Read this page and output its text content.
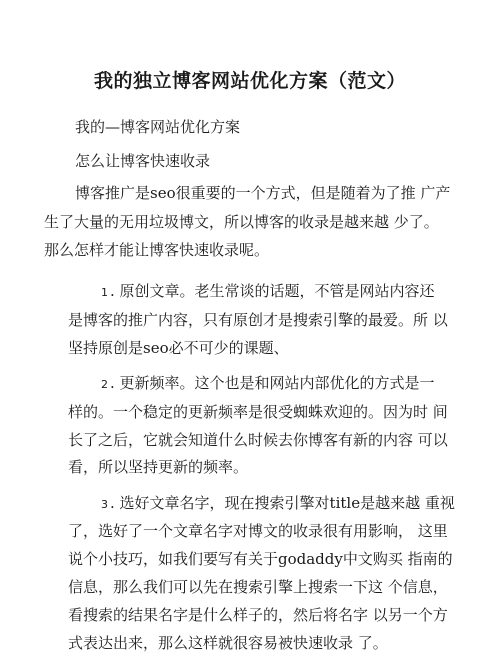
我的独立博客网站优化方案（范文）
我的—博客网站优化方案
怎么让博客快速收录
博客推广是seo很重要的一个方式，但是随着为了推 广产
生了大量的无用垃圾博文，所以博客的收录是越来越 少了。
那么怎样才能让博客快速收录呢。
1 . 原创文章。老生常谈的话题，不管是网站内容还
是博客的推广内容，只有原创才是搜索引擎的最爱。所 以
坚持原创是seo必不可少的课题、
2 . 更新频率。这个也是和网站内部优化的方式是一
样的。一个稳定的更新频率是很受蜘蛛欢迎的。因为时 间
长了之后，它就会知道什么时候去你博客有新的内容 可以
看，所以坚持更新的频率。
3 . 选好文章名字，现在搜索引擎对title是越来越 重视
了，选好了一个文章名字对博文的收录很有用影响， 这里
说个小技巧，如我们要写有关于godaddy中文购买 指南的
信息，那么我们可以先在搜索引擎上搜索一下这 个信息，
看搜索的结果名字是什么样子的，然后将名字 以另一个方
式表达出来，那么这样就很容易被快速收录 了。
